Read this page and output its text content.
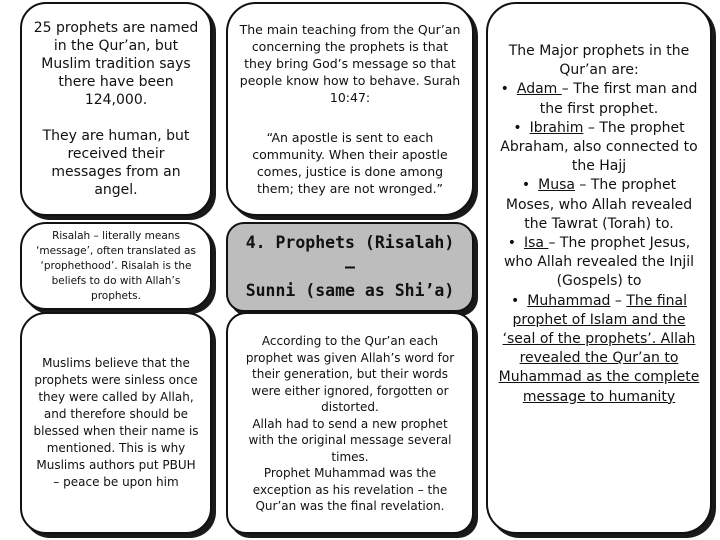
25 prophets are named in the Qur’an, but Muslim tradition says there have been 124,000.

They are human, but received their messages from an angel.

The main teaching from the Qur’an concerning the prophets is that they bring God’s message so that people know how to behave. Surah 10:47:

“An apostle is sent to each community. When their apostle comes, justice is done among them; they are not wronged.”

Risalah – literally means ‘message’, often translated as ‘prophethood’. Risalah is the beliefs to do with Allah’s prophets.

Muslims believe that the prophets were sinless once they were called by Allah, and therefore should be blessed when their name is mentioned. This is why Muslims authors put PBUH – peace be upon him

4. Prophets (Risalah) –

Sunni (same as Shi’a)

According to the Qur’an each prophet was given Allah’s word for their generation, but their words were either ignored, forgotten or distorted.

Allah had to send a new prophet with the original message several times.

Prophet Muhammad was the exception as his revelation – the Qur’an was the final revelation.

The Major prophets in the Qur’an are:

• Adam – The first man and the first prophet.
• Ibrahim – The prophet Abraham, also connected to the Hajj
• Musa – The prophet Moses, who Allah revealed the Tawrat (Torah) to.
• Isa – The prophet Jesus, who Allah revealed the Injil (Gospels) to
• Muhammad – The final prophet of Islam and the ‘seal of the prophets’. Allah revealed the Qur’an to Muhammad as the complete message to humanity
